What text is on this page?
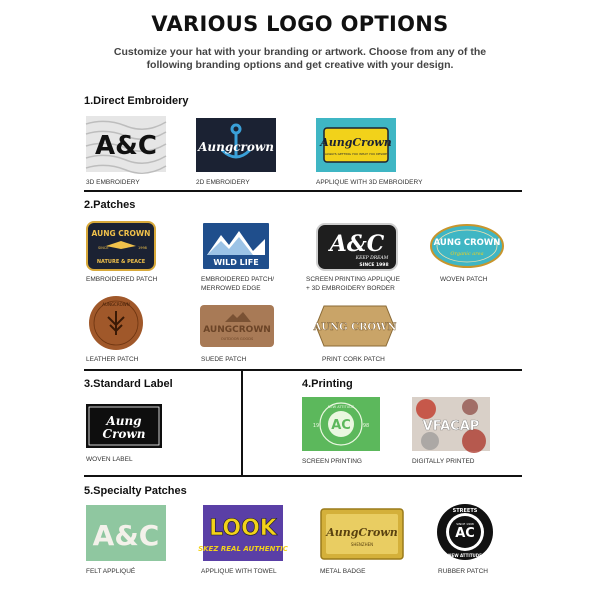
VARIOUS LOGO OPTIONS
Customize your hat with your branding or artwork. Choose from any of the following branding options and get creative with your design.
1.Direct Embroidery
A&C
3D EMBROIDERY
Aungcrown
2D EMBROIDERY
AungCrown
ALWAYS GETTING YOU WHAT YOU DESIRE
APPLIQUE WITH 3D EMBROIDERY
2.Patches
AUNG CROWN
SINCE	1998
NATURE & PEACE
EMBROIDERED PATCH
WILD LIFE
EMBROIDERED PATCH/
MERROWED EDGE
A&C
KEEP DREAM
SINCE 1998
SCREEN PRINTING APPLIQUE
+ 3D EMBROIDERY BORDER
AUNG CROWN
Organic area
WOVEN PATCH
AUNGCROWN
LEATHER PATCH
AUNGCROWN
OUTDOOR GOODS
SUEDE PATCH
AUNG CROWN
PRINT CORK PATCH
3.Standard Label
Aung
Crown
WOVEN LABEL
4.Printing
AC
NEW ATTITUDE
19	98
SCREEN PRINTING
VFACAP
DIGITALLY PRINTED
5.Specialty Patches
A&C
FELT APPLIQUÉ
LOOK
SKEZ REAL AUTHENTIC
APPLIQUE WITH TOWEL
AungCrown
SHENZHEN
METAL BADGE
AC
STREETS
NEW ATTITUDE
SINCE 1998
RUBBER PATCH
